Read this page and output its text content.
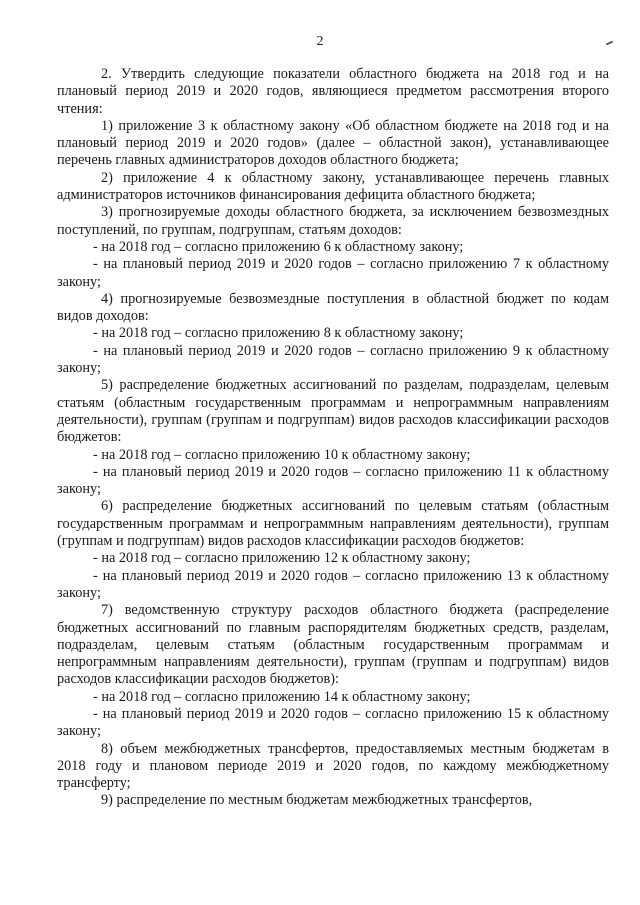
2

2. Утвердить следующие показатели областного бюджета на 2018 год и на плановый период 2019 и 2020 годов, являющиеся предметом рассмотрения второго чтения:

1) приложение 3 к областному закону «Об областном бюджете на 2018 год и на плановый период 2019 и 2020 годов» (далее – областной закон), устанавливающее перечень главных администраторов доходов областного бюджета;

2) приложение 4 к областному закону, устанавливающее перечень главных администраторов источников финансирования дефицита областного бюджета;

3) прогнозируемые доходы областного бюджета, за исключением безвозмездных поступлений, по группам, подгруппам, статьям доходов:

- на 2018 год – согласно приложению 6 к областному закону;

- на плановый период 2019 и 2020 годов – согласно приложению 7 к областному закону;

4) прогнозируемые безвозмездные поступления в областной бюджет по кодам видов доходов:

- на 2018 год – согласно приложению 8 к областному закону;

- на плановый период 2019 и 2020 годов – согласно приложению 9 к областному закону;

5) распределение бюджетных ассигнований по разделам, подразделам, целевым статьям (областным государственным программам и непрограммным направлениям деятельности), группам (группам и подгруппам) видов расходов классификации расходов бюджетов:

- на 2018 год – согласно приложению 10 к областному закону;

- на плановый период 2019 и 2020 годов – согласно приложению 11 к областному закону;

6) распределение бюджетных ассигнований по целевым статьям (областным государственным программам и непрограммным направлениям деятельности), группам (группам и подгруппам) видов расходов классификации расходов бюджетов:

- на 2018 год – согласно приложению 12 к областному закону;

- на плановый период 2019 и 2020 годов – согласно приложению 13 к областному закону;

7) ведомственную структуру расходов областного бюджета (распределение бюджетных ассигнований по главным распорядителям бюджетных средств, разделам, подразделам, целевым статьям (областным государственным программам и непрограммным направлениям деятельности), группам (группам и подгруппам) видов расходов классификации расходов бюджетов):

- на 2018 год – согласно приложению 14 к областному закону;

- на плановый период 2019 и 2020 годов – согласно приложению 15 к областному закону;

8) объем межбюджетных трансфертов, предоставляемых местным бюджетам в 2018 году и плановом периоде 2019 и 2020 годов, по каждому межбюджетному трансферту;

9) распределение по местным бюджетам межбюджетных трансфертов,
